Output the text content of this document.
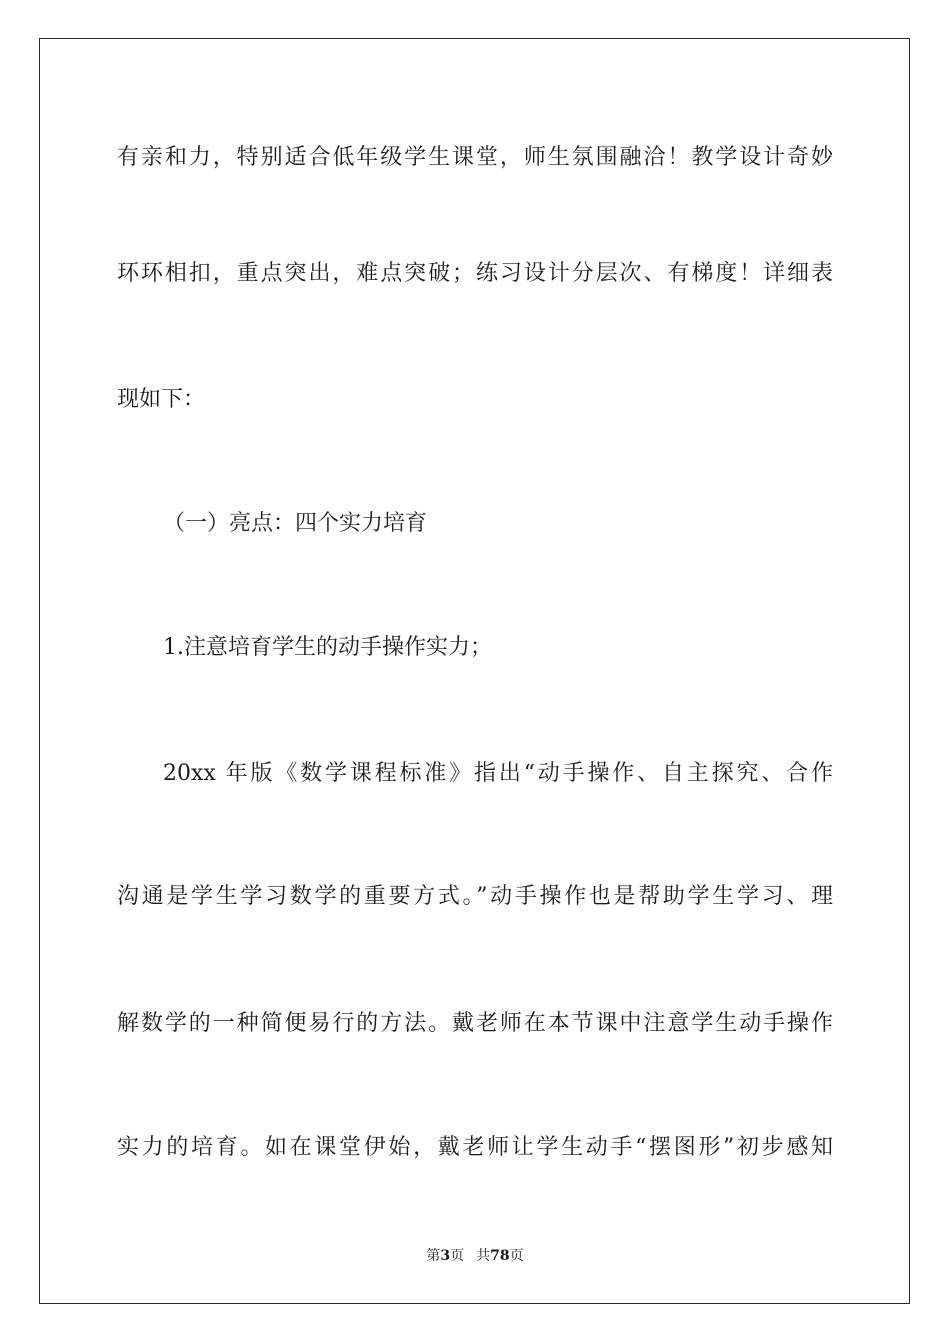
有亲和力，特别适合低年级学生课堂，师生氛围融洽！教学设计奇妙
环环相扣，重点突出，难点突破；练习设计分层次、有梯度！详细表
现如下：
（一）亮点：四个实力培育
1.注意培育学生的动手操作实力；
20xx 年版《数学课程标准》指出“动手操作、自主探究、合作
沟通是学生学习数学的重要方式。”动手操作也是帮助学生学习、理
解数学的一种简便易行的方法。戴老师在本节课中注意学生动手操作
实力的培育。如在课堂伊始，戴老师让学生动手“摆图形”初步感知
第3页 共78页
